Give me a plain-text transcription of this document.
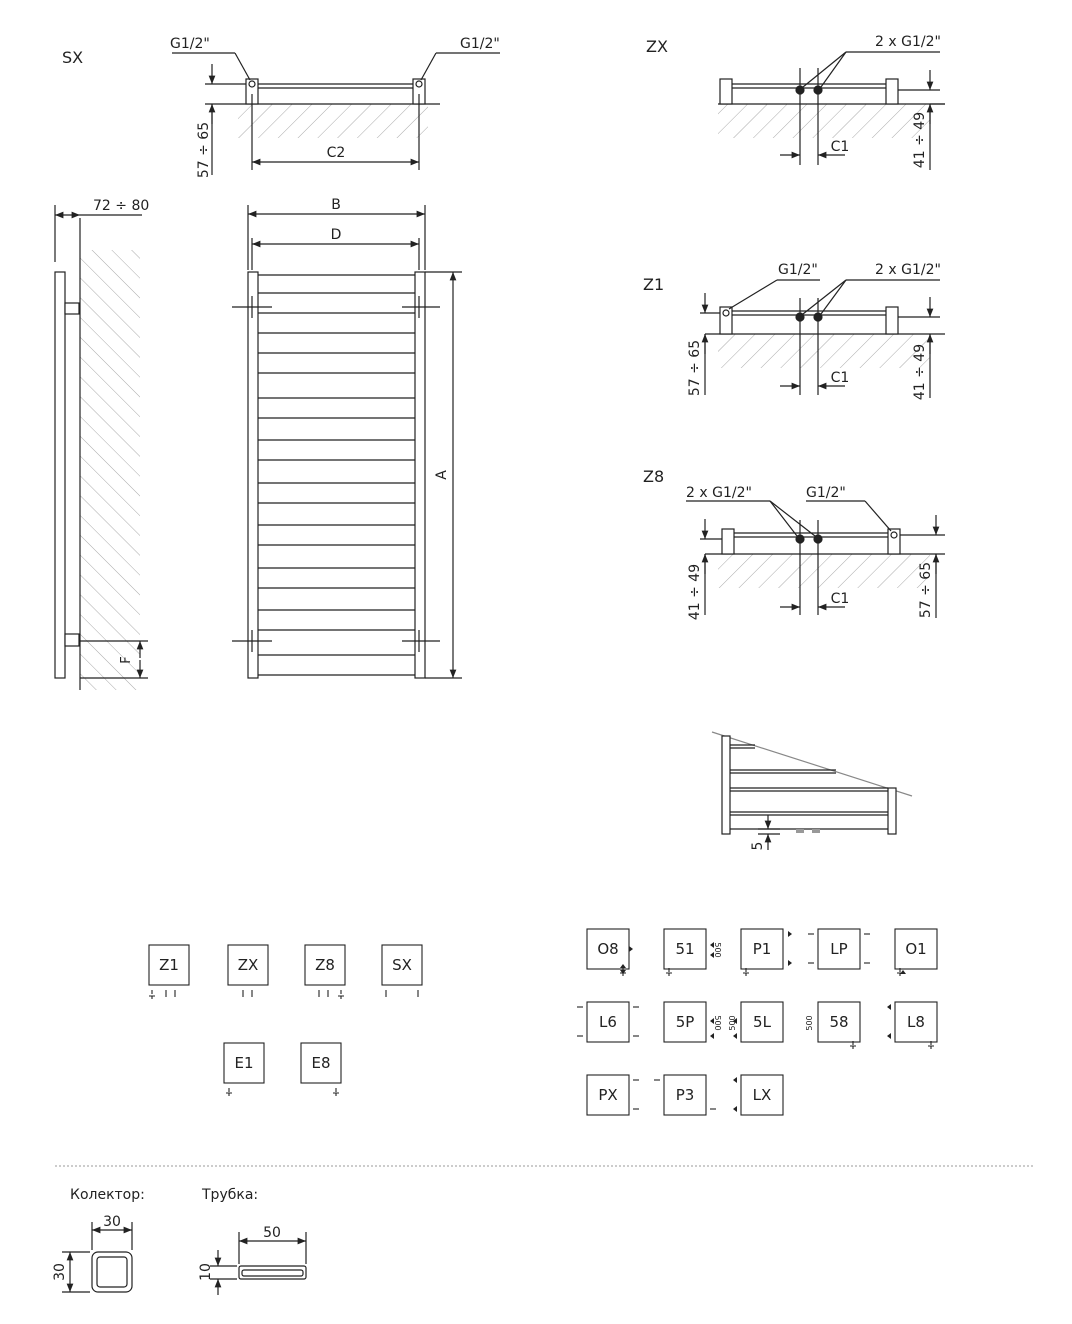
SX
G1/2"	G1/2"
57 ÷ 65	C2
ZX	2 x G1/2"
C1	41 ÷ 49
Z1
G1/2"	2 x G1/2"
57 ÷ 65	C1	41 ÷ 49
Z8
2 x G1/2"	G1/2"
41 ÷ 49	C1	57 ÷ 65
72 ÷ 80
F
B
D
A
5
Z1	ZX	Z8	SX
E1	E8
O8	51	P1	LP	O1
L6	5P	5L	58	L8
PX	P3	LX
500
500 500	500
Колектор:
30
30
Трубка:
50
10
